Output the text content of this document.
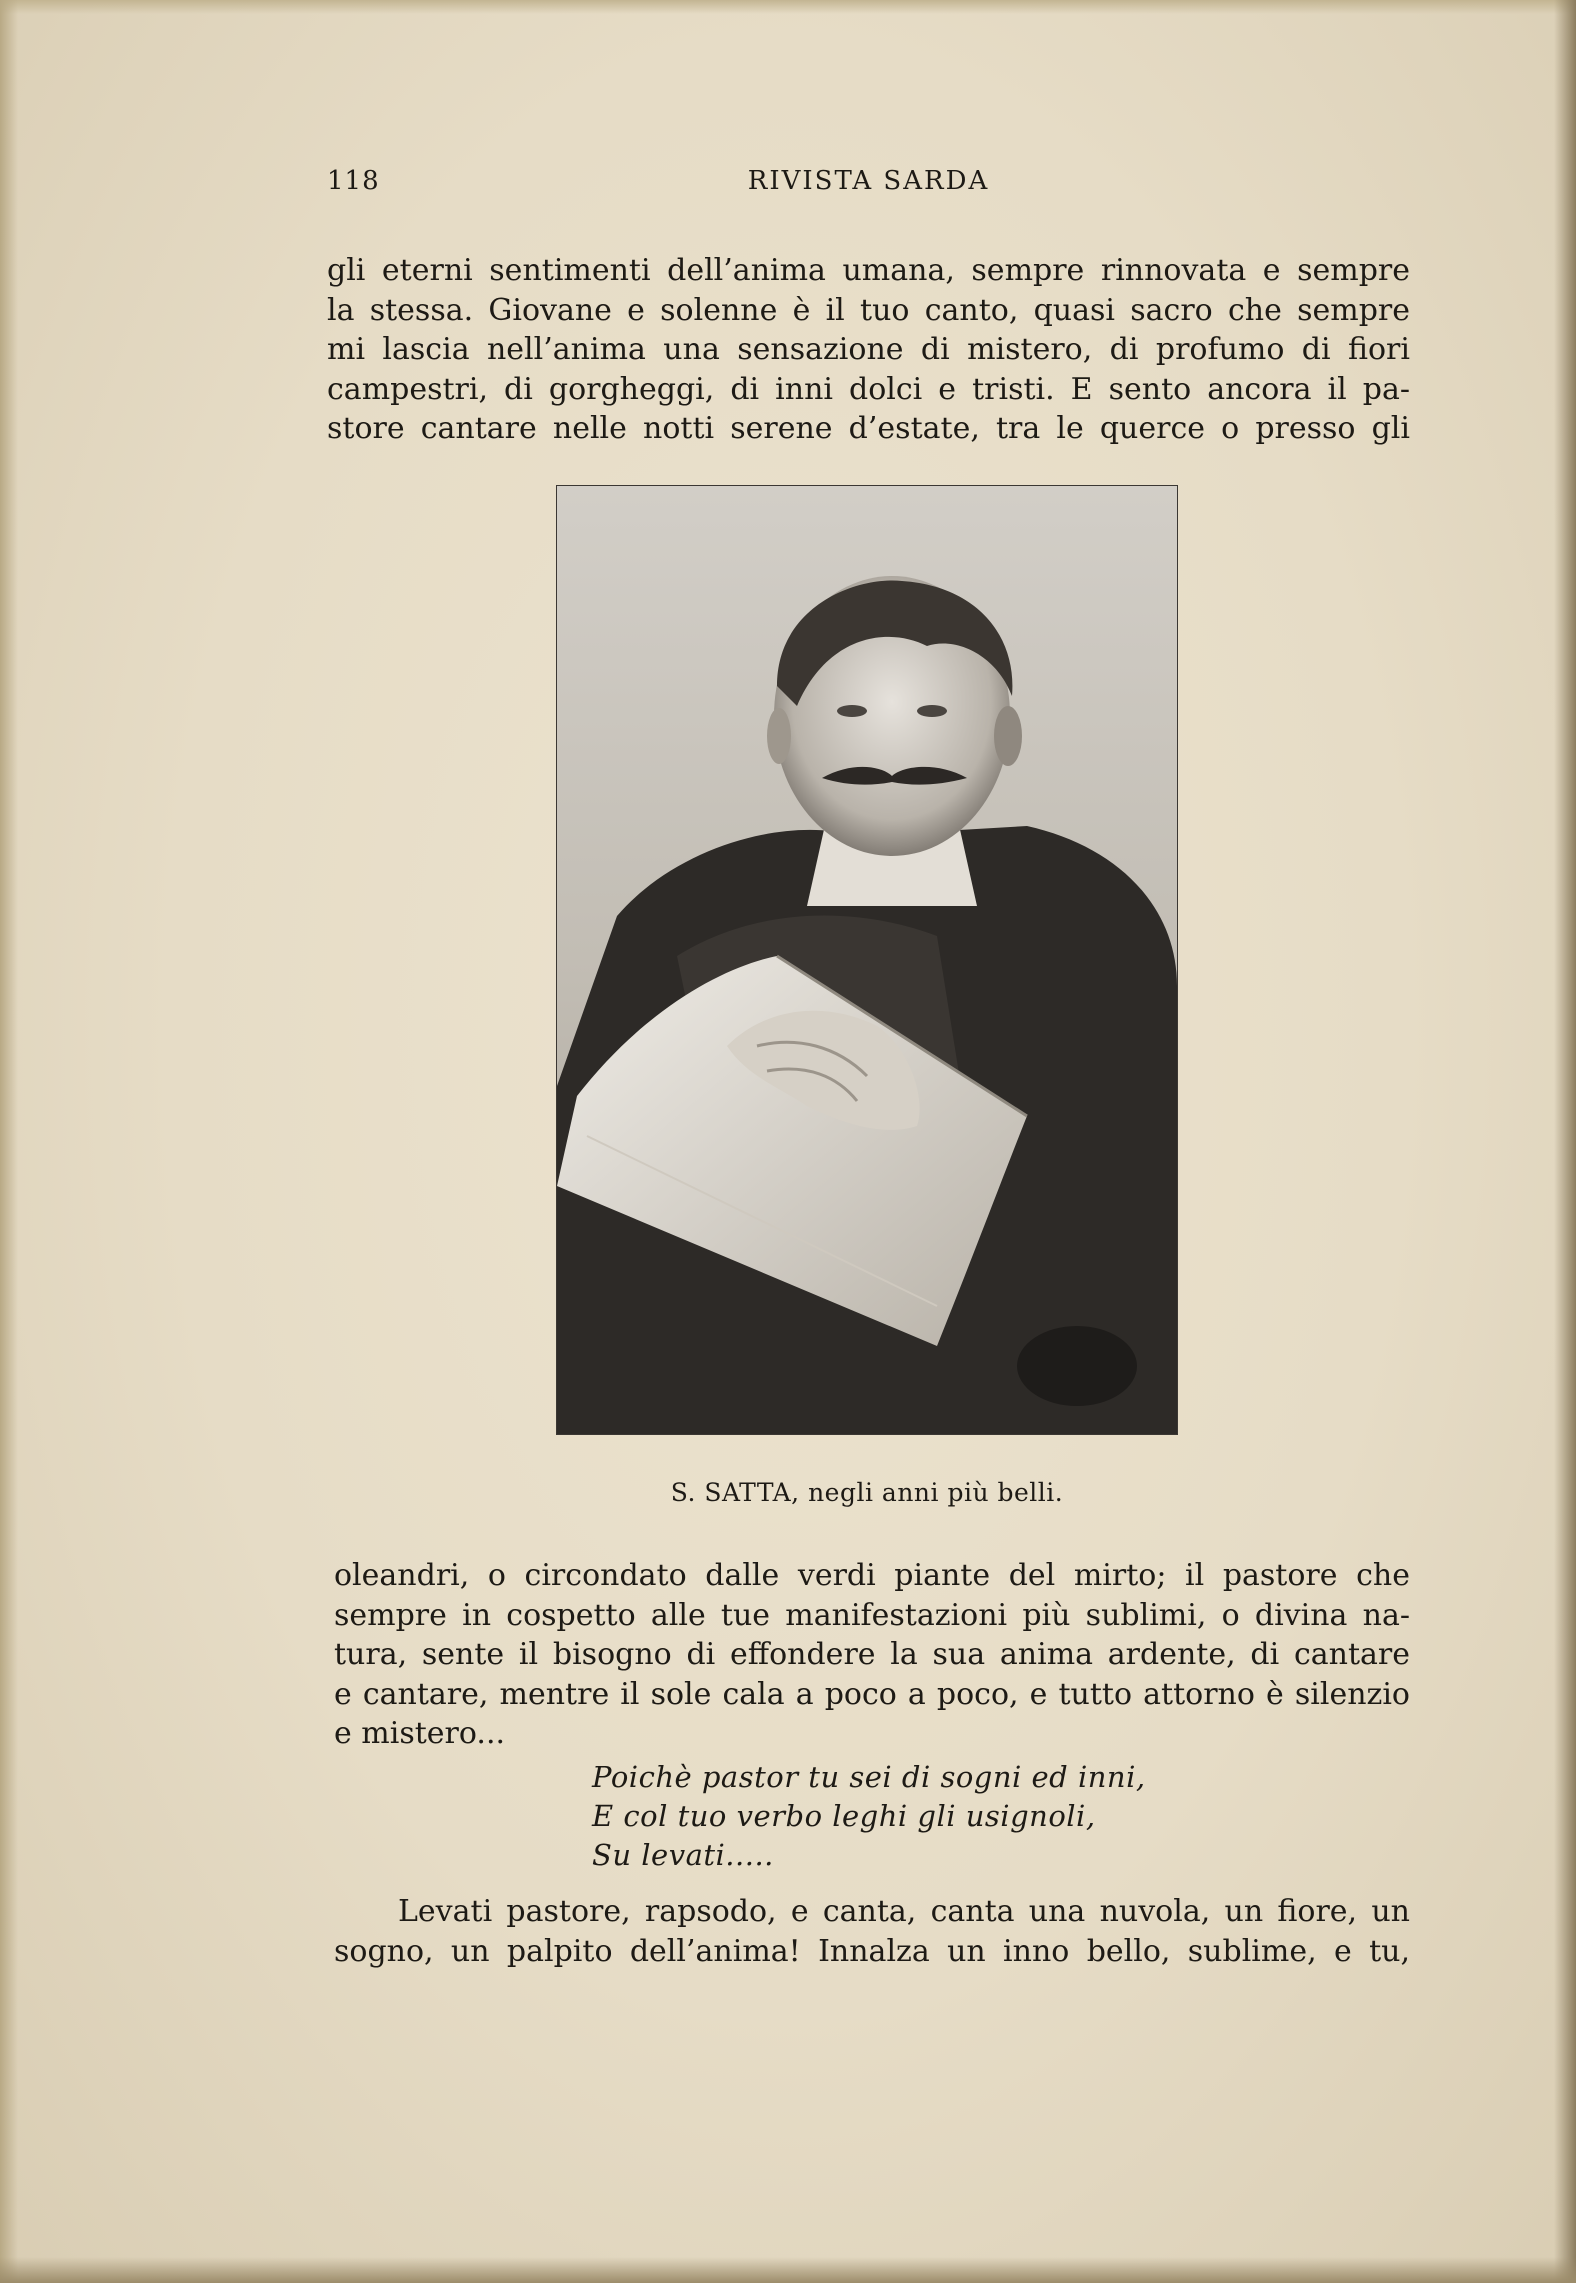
118	RIVISTA SARDA

gli eterni sentimenti dell’anima umana, sempre rinnovata e sempre
la stessa. Giovane e solenne è il tuo canto, quasi sacro che sempre
mi lascia nell’anima una sensazione di mistero, di profumo di fiori
campestri, di gorgheggi, di inni dolci e tristi. E sento ancora il pa-
store cantare nelle notti serene d’estate, tra le querce o presso gli

S. SATTA, negli anni più belli.

oleandri, o circondato dalle verdi piante del mirto; il pastore che
sempre in cospetto alle tue manifestazioni più sublimi, o divina na-
tura, sente il bisogno di effondere la sua anima ardente, di cantare
e cantare, mentre il sole cala a poco a poco, e tutto attorno è silenzio
e mistero...

Poichè pastor tu sei di sogni ed inni,
E col tuo verbo leghi gli usignoli,
Su levati.....

Levati pastore, rapsodo, e canta, canta una nuvola, un fiore, un
sogno, un palpito dell’anima! Innalza un inno bello, sublime, e tu,
